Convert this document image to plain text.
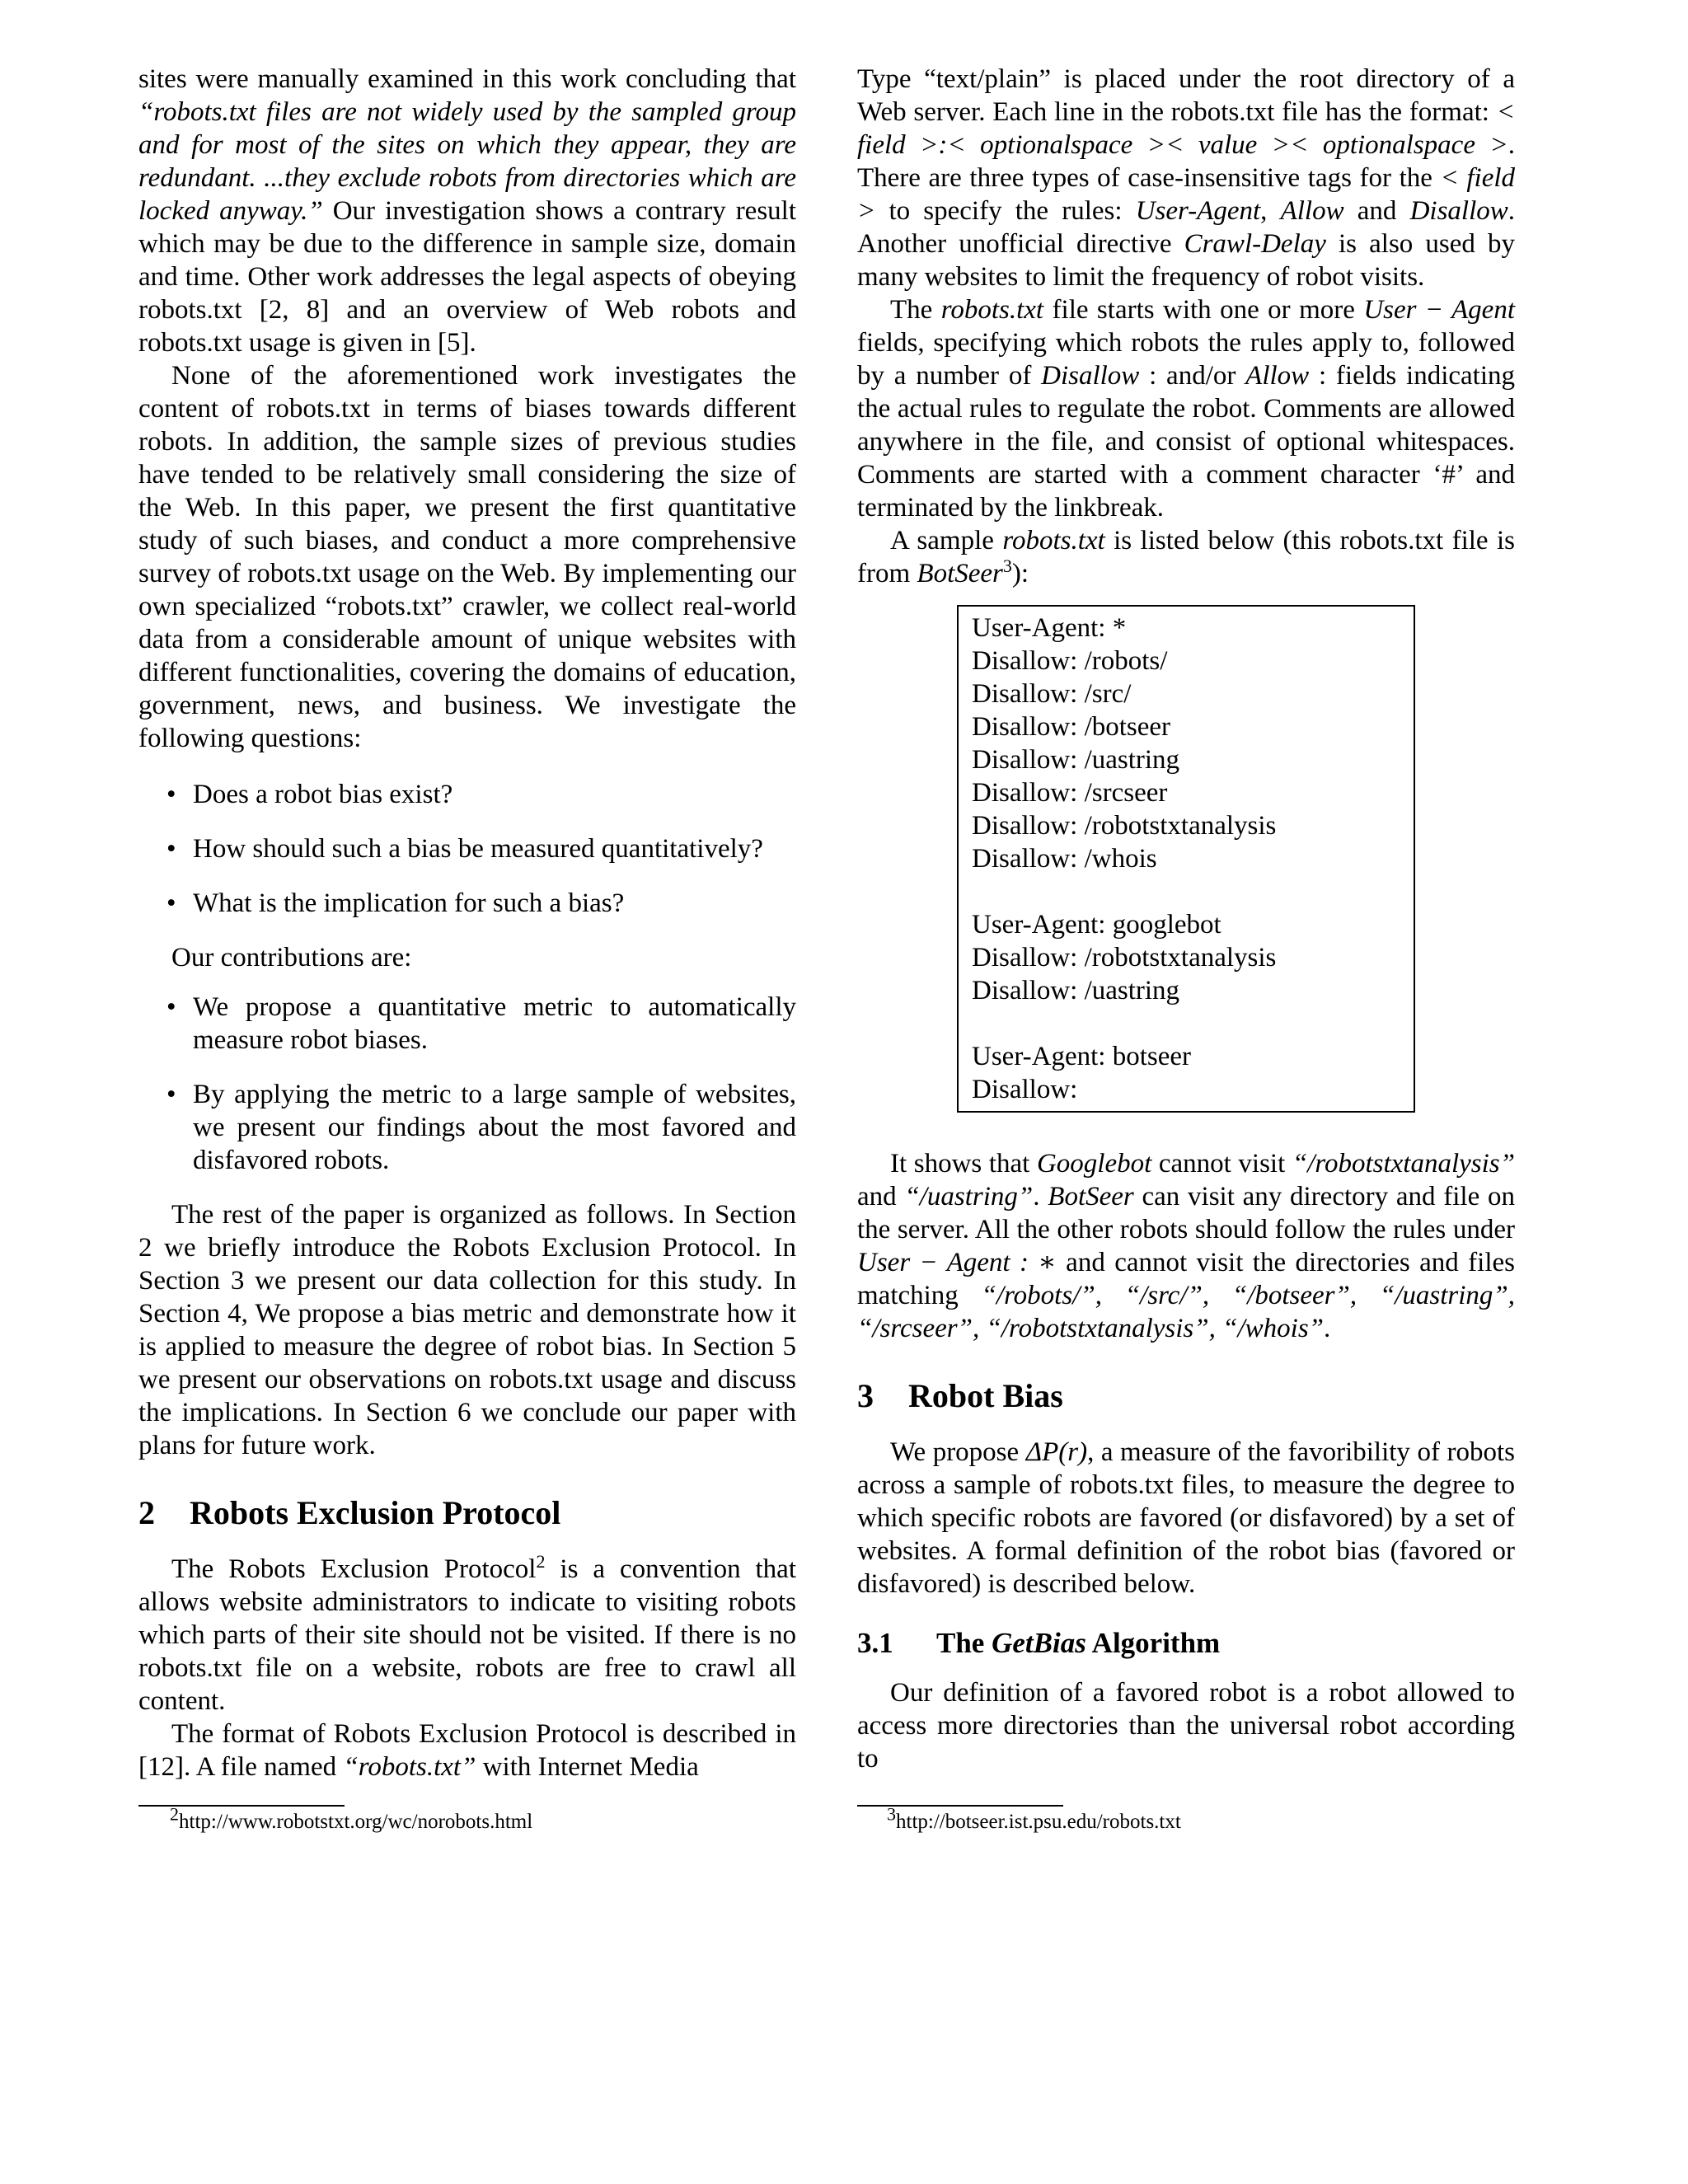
sites were manually examined in this work concluding that “robots.txt files are not widely used by the sampled group and for most of the sites on which they appear, they are redundant. ...they exclude robots from directories which are locked anyway.” Our investigation shows a contrary result which may be due to the difference in sample size, domain and time. Other work addresses the legal aspects of obeying robots.txt [2, 8] and an overview of Web robots and robots.txt usage is given in [5].

None of the aforementioned work investigates the content of robots.txt in terms of biases towards different robots. In addition, the sample sizes of previous studies have tended to be relatively small considering the size of the Web. In this paper, we present the first quantitative study of such biases, and conduct a more comprehensive survey of robots.txt usage on the Web. By implementing our own specialized “robots.txt” crawler, we collect real-world data from a considerable amount of unique websites with different functionalities, covering the domains of education, government, news, and business. We investigate the following questions:

• Does a robot bias exist?
• How should such a bias be measured quantitatively?
• What is the implication for such a bias?

Our contributions are:

• We propose a quantitative metric to automatically measure robot biases.
• By applying the metric to a large sample of websites, we present our findings about the most favored and disfavored robots.

The rest of the paper is organized as follows. In Section 2 we briefly introduce the Robots Exclusion Protocol. In Section 3 we present our data collection for this study. In Section 4, We propose a bias metric and demonstrate how it is applied to measure the degree of robot bias. In Section 5 we present our observations on robots.txt usage and discuss the implications. In Section 6 we conclude our paper with plans for future work.

2 Robots Exclusion Protocol

The Robots Exclusion Protocol$^2$ is a convention that allows website administrators to indicate to visiting robots which parts of their site should not be visited. If there is no robots.txt file on a website, robots are free to crawl all content.

The format of Robots Exclusion Protocol is described in [12]. A file named “robots.txt” with Internet Media

$^2$http://www.robotstxt.org/wc/norobots.html

Type “text/plain” is placed under the root directory of a Web server. Each line in the robots.txt file has the format: < field >:< optionalspace >< value >< optionalspace >. There are three types of case-insensitive tags for the < field > to specify the rules: User-Agent, Allow and Disallow. Another unofficial directive Crawl-Delay is also used by many websites to limit the frequency of robot visits.

The robots.txt file starts with one or more User − Agent fields, specifying which robots the rules apply to, followed by a number of Disallow : and/or Allow : fields indicating the actual rules to regulate the robot. Comments are allowed anywhere in the file, and consist of optional whitespaces. Comments are started with a comment character ‘#’ and terminated by the linkbreak.

A sample robots.txt is listed below (this robots.txt file is from BotSeer$^3$):

User-Agent: *
Disallow: /robots/
Disallow: /src/
Disallow: /botseer
Disallow: /uastring
Disallow: /srcseer
Disallow: /robotstxtanalysis
Disallow: /whois
User-Agent: googlebot
Disallow: /robotstxtanalysis
Disallow: /uastring
User-Agent: botseer
Disallow:

It shows that Googlebot cannot visit “/robotstxtanalysis” and “/uastring”. BotSeer can visit any directory and file on the server. All the other robots should follow the rules under User − Agent : ∗ and cannot visit the directories and files matching “/robots/”, “/src/”, “/botseer”, “/uastring”, “/srcseer”, “/robotstxtanalysis”, “/whois”.

3 Robot Bias

We propose ΔP(r), a measure of the favoribility of robots across a sample of robots.txt files, to measure the degree to which specific robots are favored (or disfavored) by a set of websites. A formal definition of the robot bias (favored or disfavored) is described below.

3.1 The GetBias Algorithm

Our definition of a favored robot is a robot allowed to access more directories than the universal robot according to

$^3$http://botseer.ist.psu.edu/robots.txt
